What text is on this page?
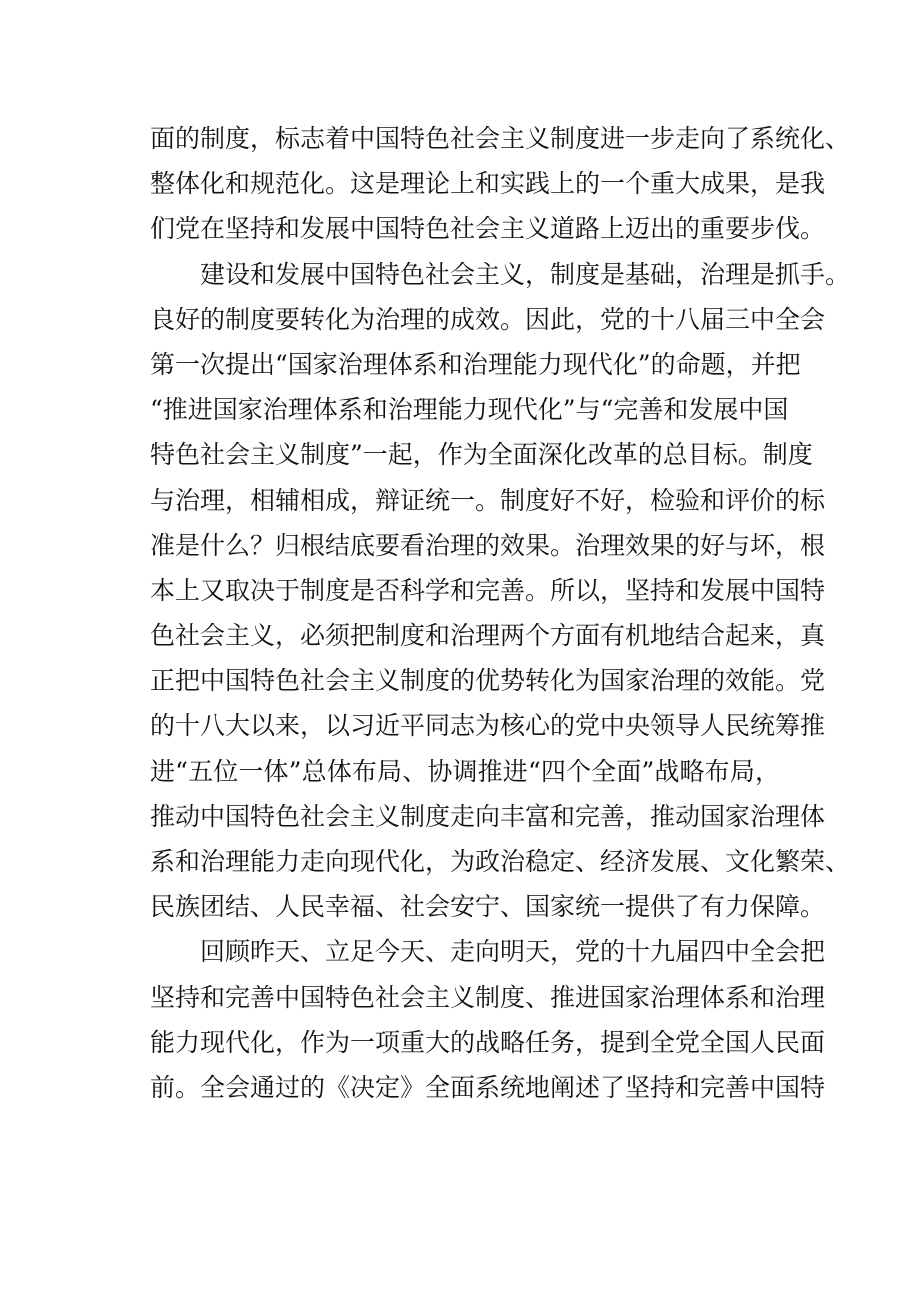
面的制度，标志着中国特色社会主义制度进一步走向了系统化、
整体化和规范化。这是理论上和实践上的一个重大成果，是我
们党在坚持和发展中国特色社会主义道路上迈出的重要步伐。
建设和发展中国特色社会主义，制度是基础，治理是抓手。
良好的制度要转化为治理的成效。因此，党的十八届三中全会
第一次提出“国家治理体系和治理能力现代化”的命题，并把
“推进国家治理体系和治理能力现代化”与“完善和发展中国
特色社会主义制度”一起，作为全面深化改革的总目标。制度
与治理，相辅相成，辩证统一。制度好不好，检验和评价的标
准是什么？归根结底要看治理的效果。治理效果的好与坏，根
本上又取决于制度是否科学和完善。所以，坚持和发展中国特
色社会主义，必须把制度和治理两个方面有机地结合起来，真
正把中国特色社会主义制度的优势转化为国家治理的效能。党
的十八大以来，以习近平同志为核心的党中央领导人民统筹推
进“五位一体”总体布局、协调推进“四个全面”战略布局，
推动中国特色社会主义制度走向丰富和完善，推动国家治理体
系和治理能力走向现代化，为政治稳定、经济发展、文化繁荣、
民族团结、人民幸福、社会安宁、国家统一提供了有力保障。
回顾昨天、立足今天、走向明天，党的十九届四中全会把
坚持和完善中国特色社会主义制度、推进国家治理体系和治理
能力现代化，作为一项重大的战略任务，提到全党全国人民面
前。全会通过的《决定》全面系统地阐述了坚持和完善中国特
